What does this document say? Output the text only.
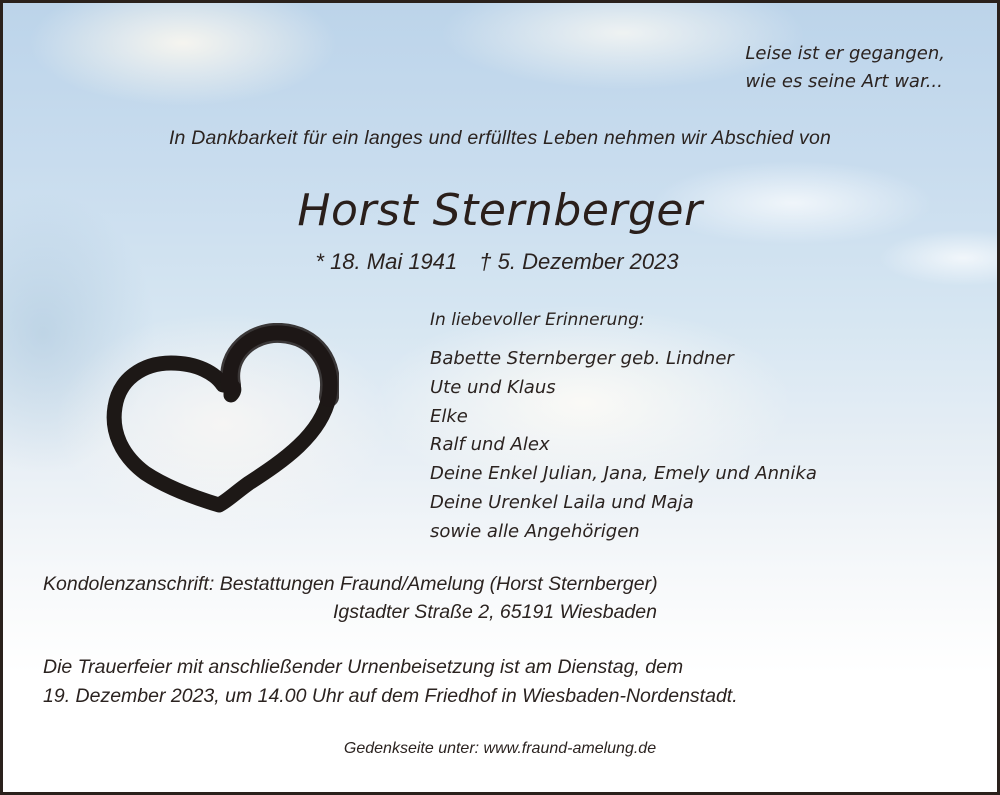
Leise ist er gegangen,
wie es seine Art war...
In Dankbarkeit für ein langes und erfülltes Leben nehmen wir Abschied von
Horst Sternberger
* 18. Mai 1941 † 5. Dezember 2023
In liebevoller Erinnerung:
Babette Sternberger geb. Lindner
Ute und Klaus
Elke
Ralf und Alex
Deine Enkel Julian, Jana, Emely und Annika
Deine Urenkel Laila und Maja
sowie alle Angehörigen
Kondolenzanschrift: Bestattungen Fraund/Amelung (Horst Sternberger)
Igstadter Straße 2, 65191 Wiesbaden
Die Trauerfeier mit anschließender Urnenbeisetzung ist am Dienstag, dem
19. Dezember 2023, um 14.00 Uhr auf dem Friedhof in Wiesbaden-Nordenstadt.
Gedenkseite unter: www.fraund-amelung.de
